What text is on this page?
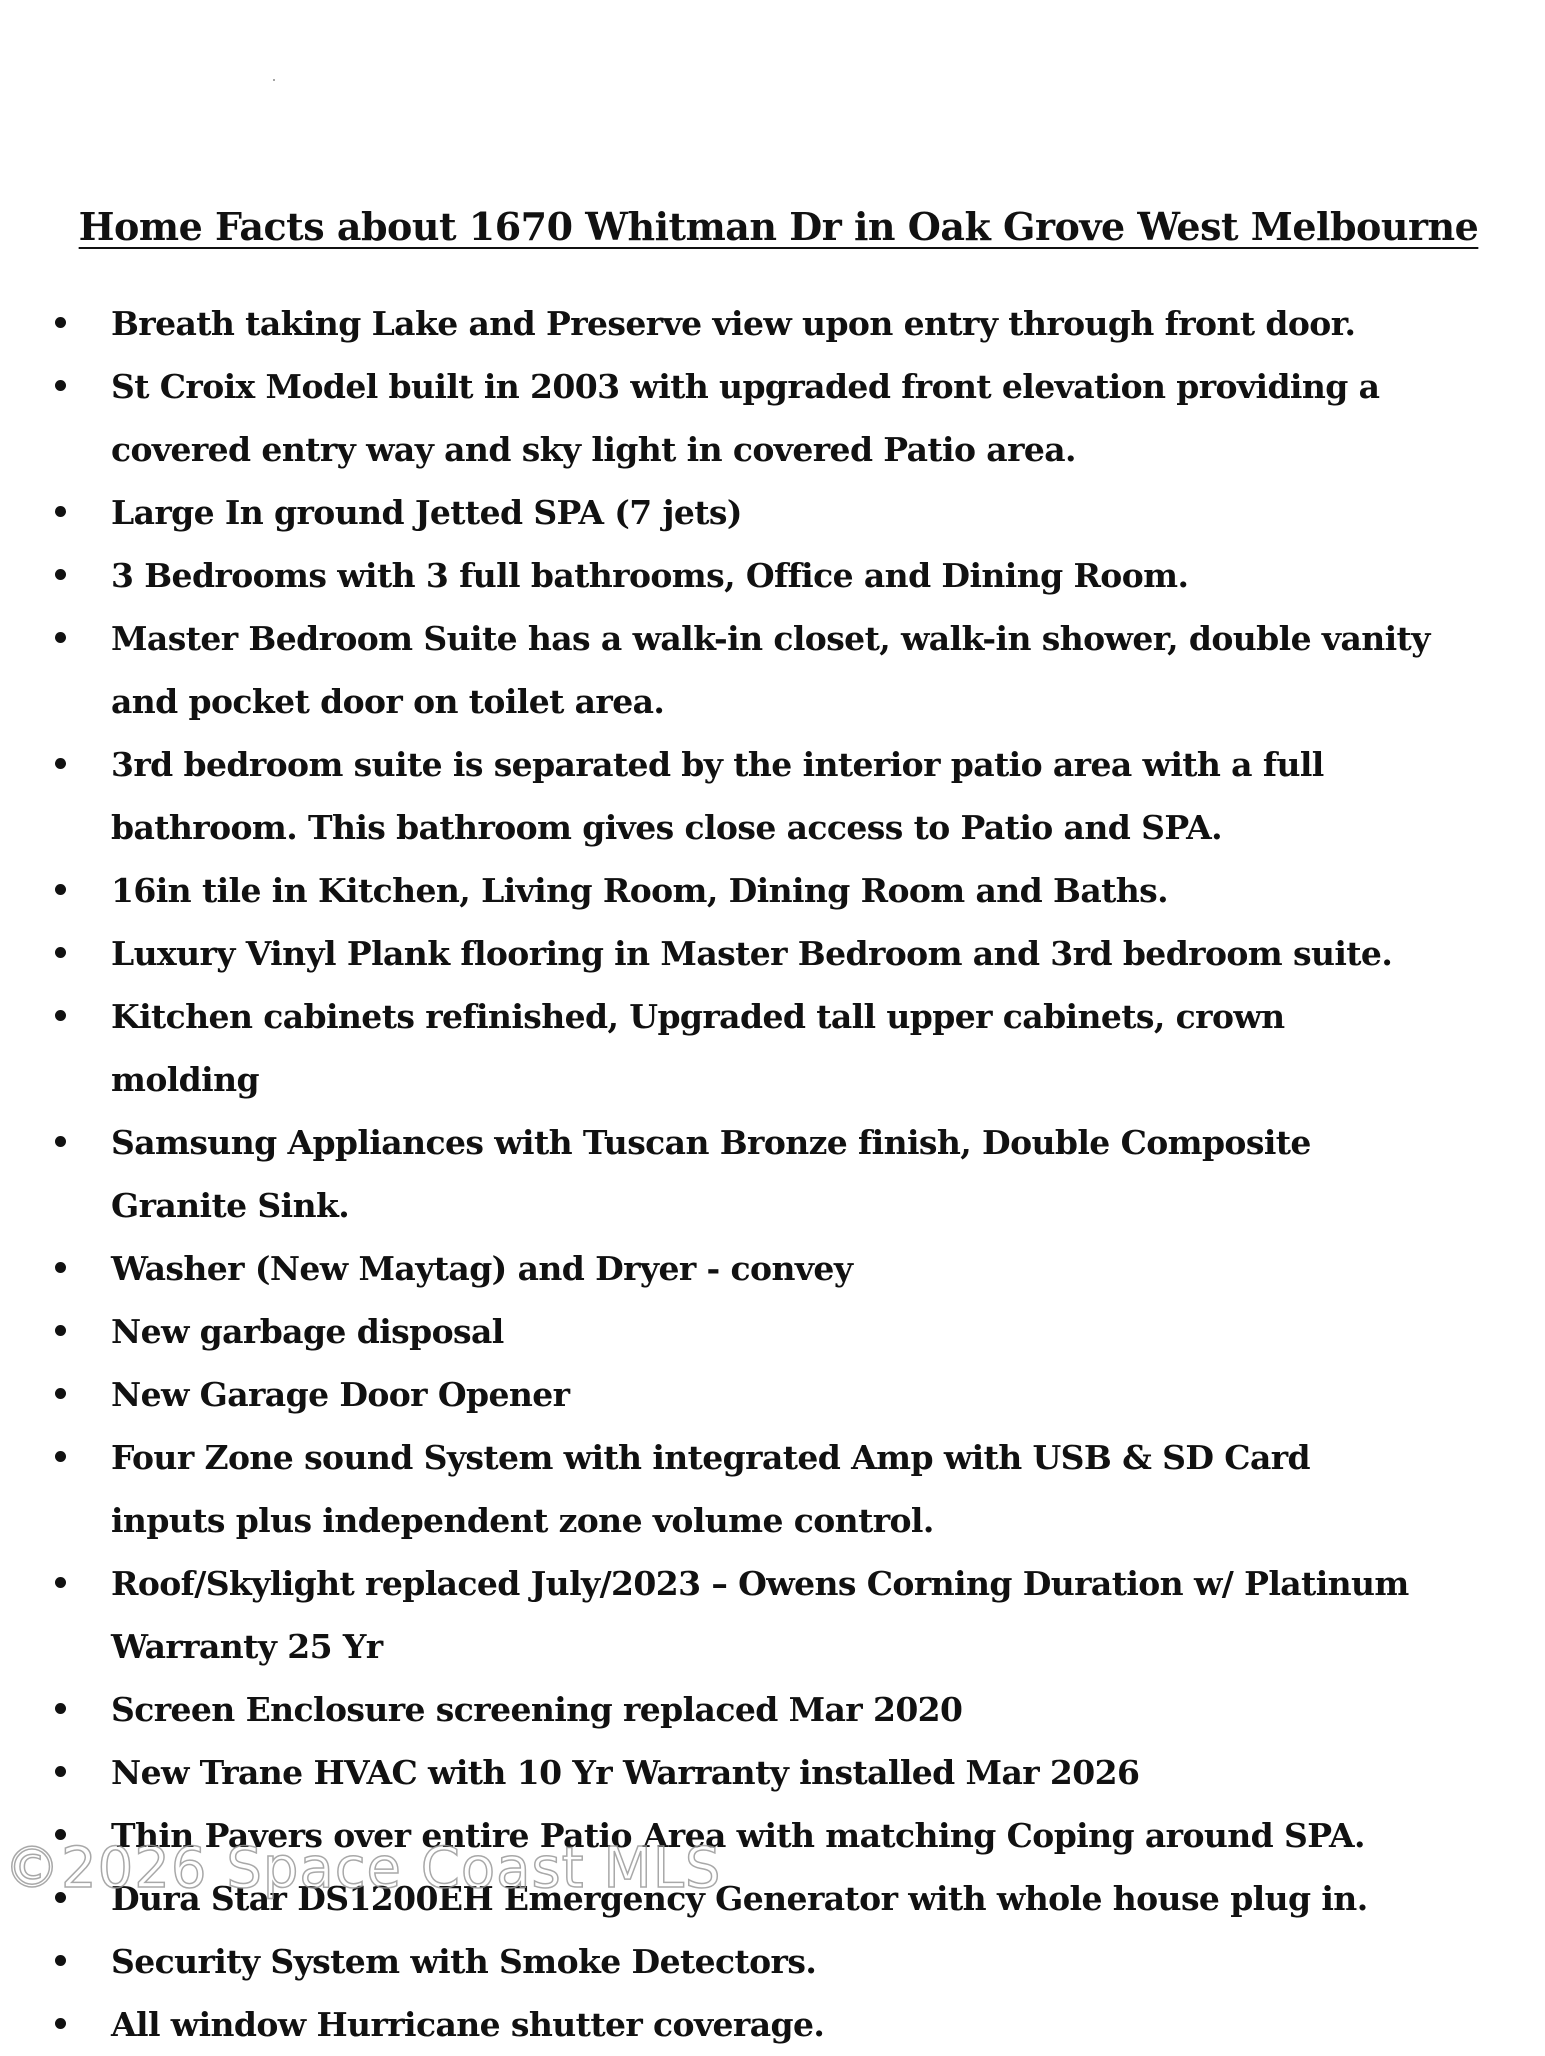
Home Facts about 1670 Whitman Dr in Oak Grove West Melbourne
Breath taking Lake and Preserve view upon entry through front door.
St Croix Model built in 2003 with upgraded front elevation providing a covered entry way and sky light in covered Patio area.
Large In ground Jetted SPA (7 jets)
3 Bedrooms with 3 full bathrooms, Office and Dining Room.
Master Bedroom Suite has a walk-in closet, walk-in shower, double vanity and pocket door on toilet area.
3rd bedroom suite is separated by the interior patio area with a full bathroom. This bathroom gives close access to Patio and SPA.
16in tile in Kitchen, Living Room, Dining Room and Baths.
Luxury Vinyl Plank flooring in Master Bedroom and 3rd bedroom suite.
Kitchen cabinets refinished, Upgraded tall upper cabinets, crown molding
Samsung Appliances with Tuscan Bronze finish, Double Composite Granite Sink.
Washer (New Maytag) and Dryer - convey
New garbage disposal
New Garage Door Opener
Four Zone sound System with integrated Amp with USB & SD Card inputs plus independent zone volume control.
Roof/Skylight replaced July/2023 – Owens Corning Duration w/ Platinum Warranty 25 Yr
Screen Enclosure screening replaced Mar 2020
New Trane HVAC with 10 Yr Warranty installed Mar 2026
Thin Pavers over entire Patio Area with matching Coping around SPA.
Dura Star DS1200EH Emergency Generator with whole house plug in.
Security System with Smoke Detectors.
All window Hurricane shutter coverage.
©2026 Space Coast MLS
